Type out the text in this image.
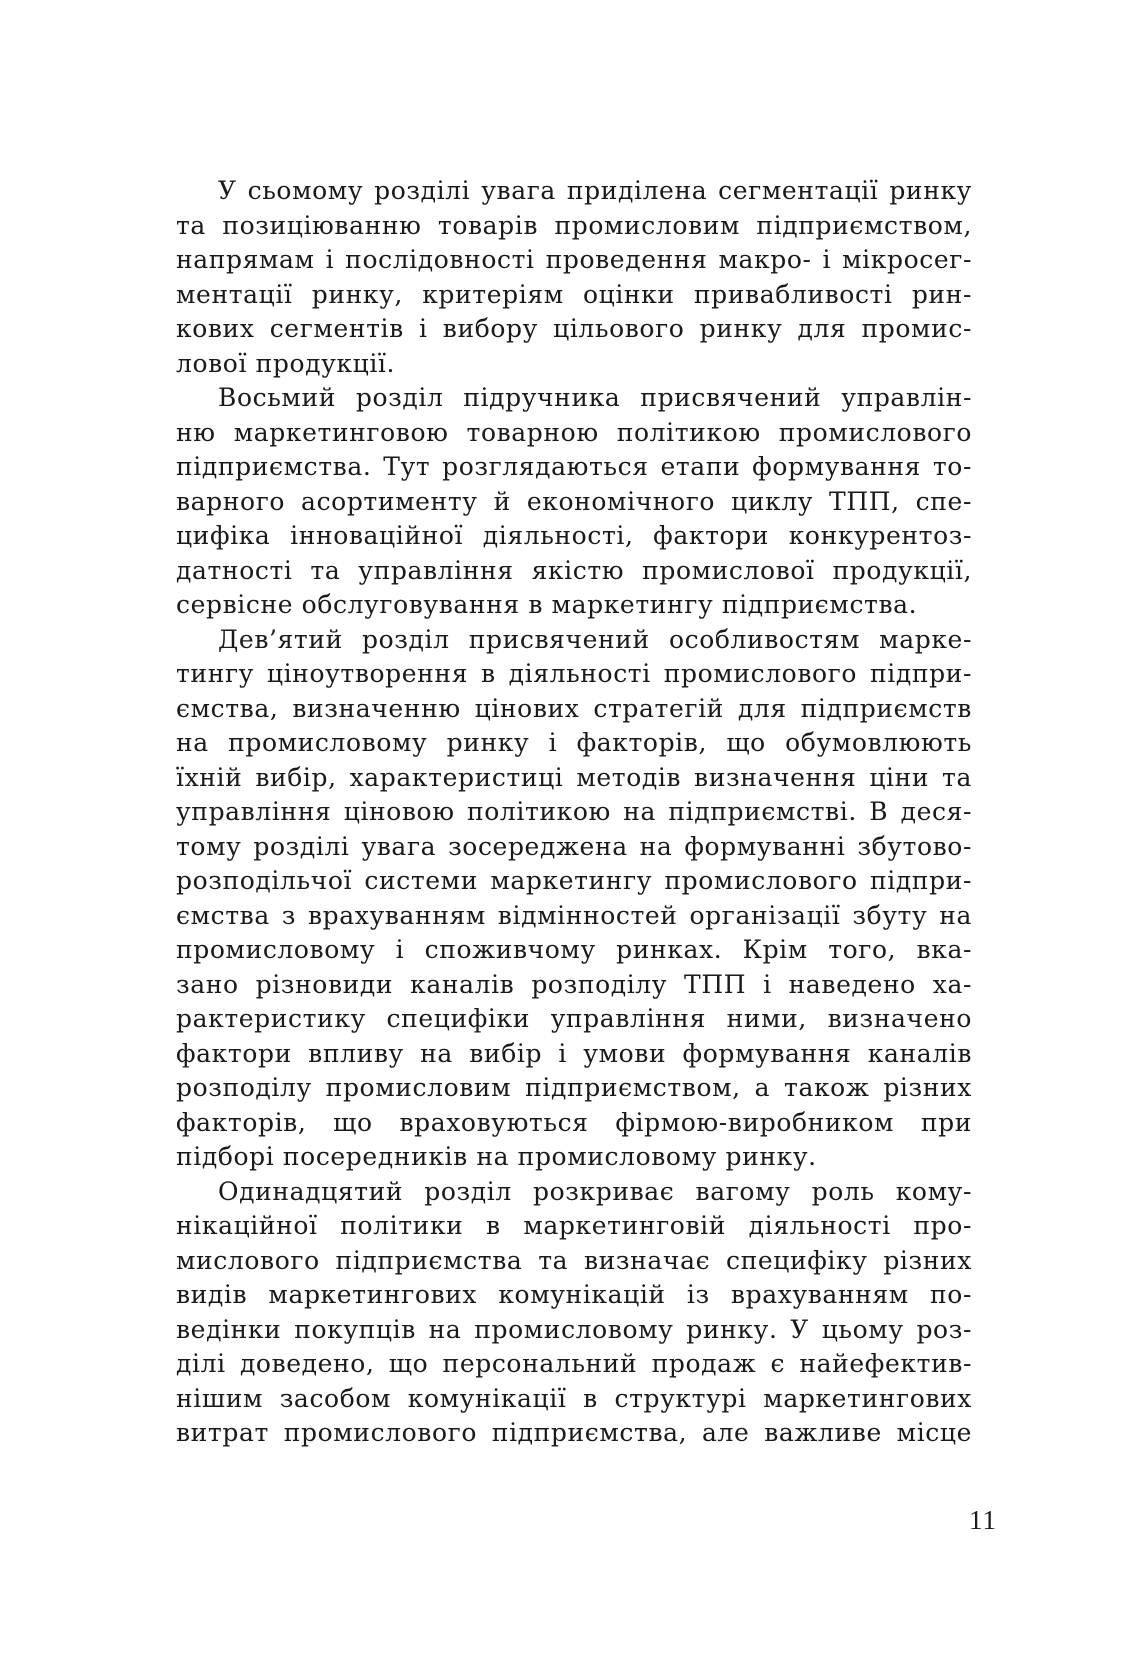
У сьомому розділі увага приділена сегментації ринку
та позиціюванню товарів промисловим підприємством,
напрямам і послідовності проведення макро- і мікросег-
ментації ринку, критеріям оцінки привабливості рин-
кових сегментів і вибору цільового ринку для промис-
лової продукції.

Восьмий розділ підручника присвячений управлін-
ню маркетинговою товарною політикою промислового
підприємства. Тут розглядаються етапи формування то-
варного асортименту й економічного циклу ТПП, спе-
цифіка інноваційної діяльності, фактори конкурентоз-
датності та управління якістю промислової продукції,
сервісне обслуговування в маркетингу підприємства.

Дев’ятий розділ присвячений особливостям марке-
тингу ціноутворення в діяльності промислового підпри-
ємства, визначенню цінових стратегій для підприємств
на промисловому ринку і факторів, що обумовлюють
їхній вибір, характеристиці методів визначення ціни та
управління ціновою політикою на підприємстві. В деся-
тому розділі увага зосереджена на формуванні збутово-
розподільчої системи маркетингу промислового підпри-
ємства з врахуванням відмінностей організації збуту на
промисловому і споживчому ринках. Крім того, вка-
зано різновиди каналів розподілу ТПП і наведено ха-
рактеристику специфіки управління ними, визначено
фактори впливу на вибір і умови формування каналів
розподілу промисловим підприємством, а також різних
факторів, що враховуються фірмою-виробником при
підборі посередників на промисловому ринку.

Одинадцятий розділ розкриває вагому роль кому-
нікаційної політики в маркетинговій діяльності про-
мислового підприємства та визначає специфіку різних
видів маркетингових комунікацій із врахуванням по-
ведінки покупців на промисловому ринку. У цьому роз-
ділі доведено, що персональний продаж є найефектив-
нішим засобом комунікації в структурі маркетингових
витрат промислового підприємства, але важливе місце

11
